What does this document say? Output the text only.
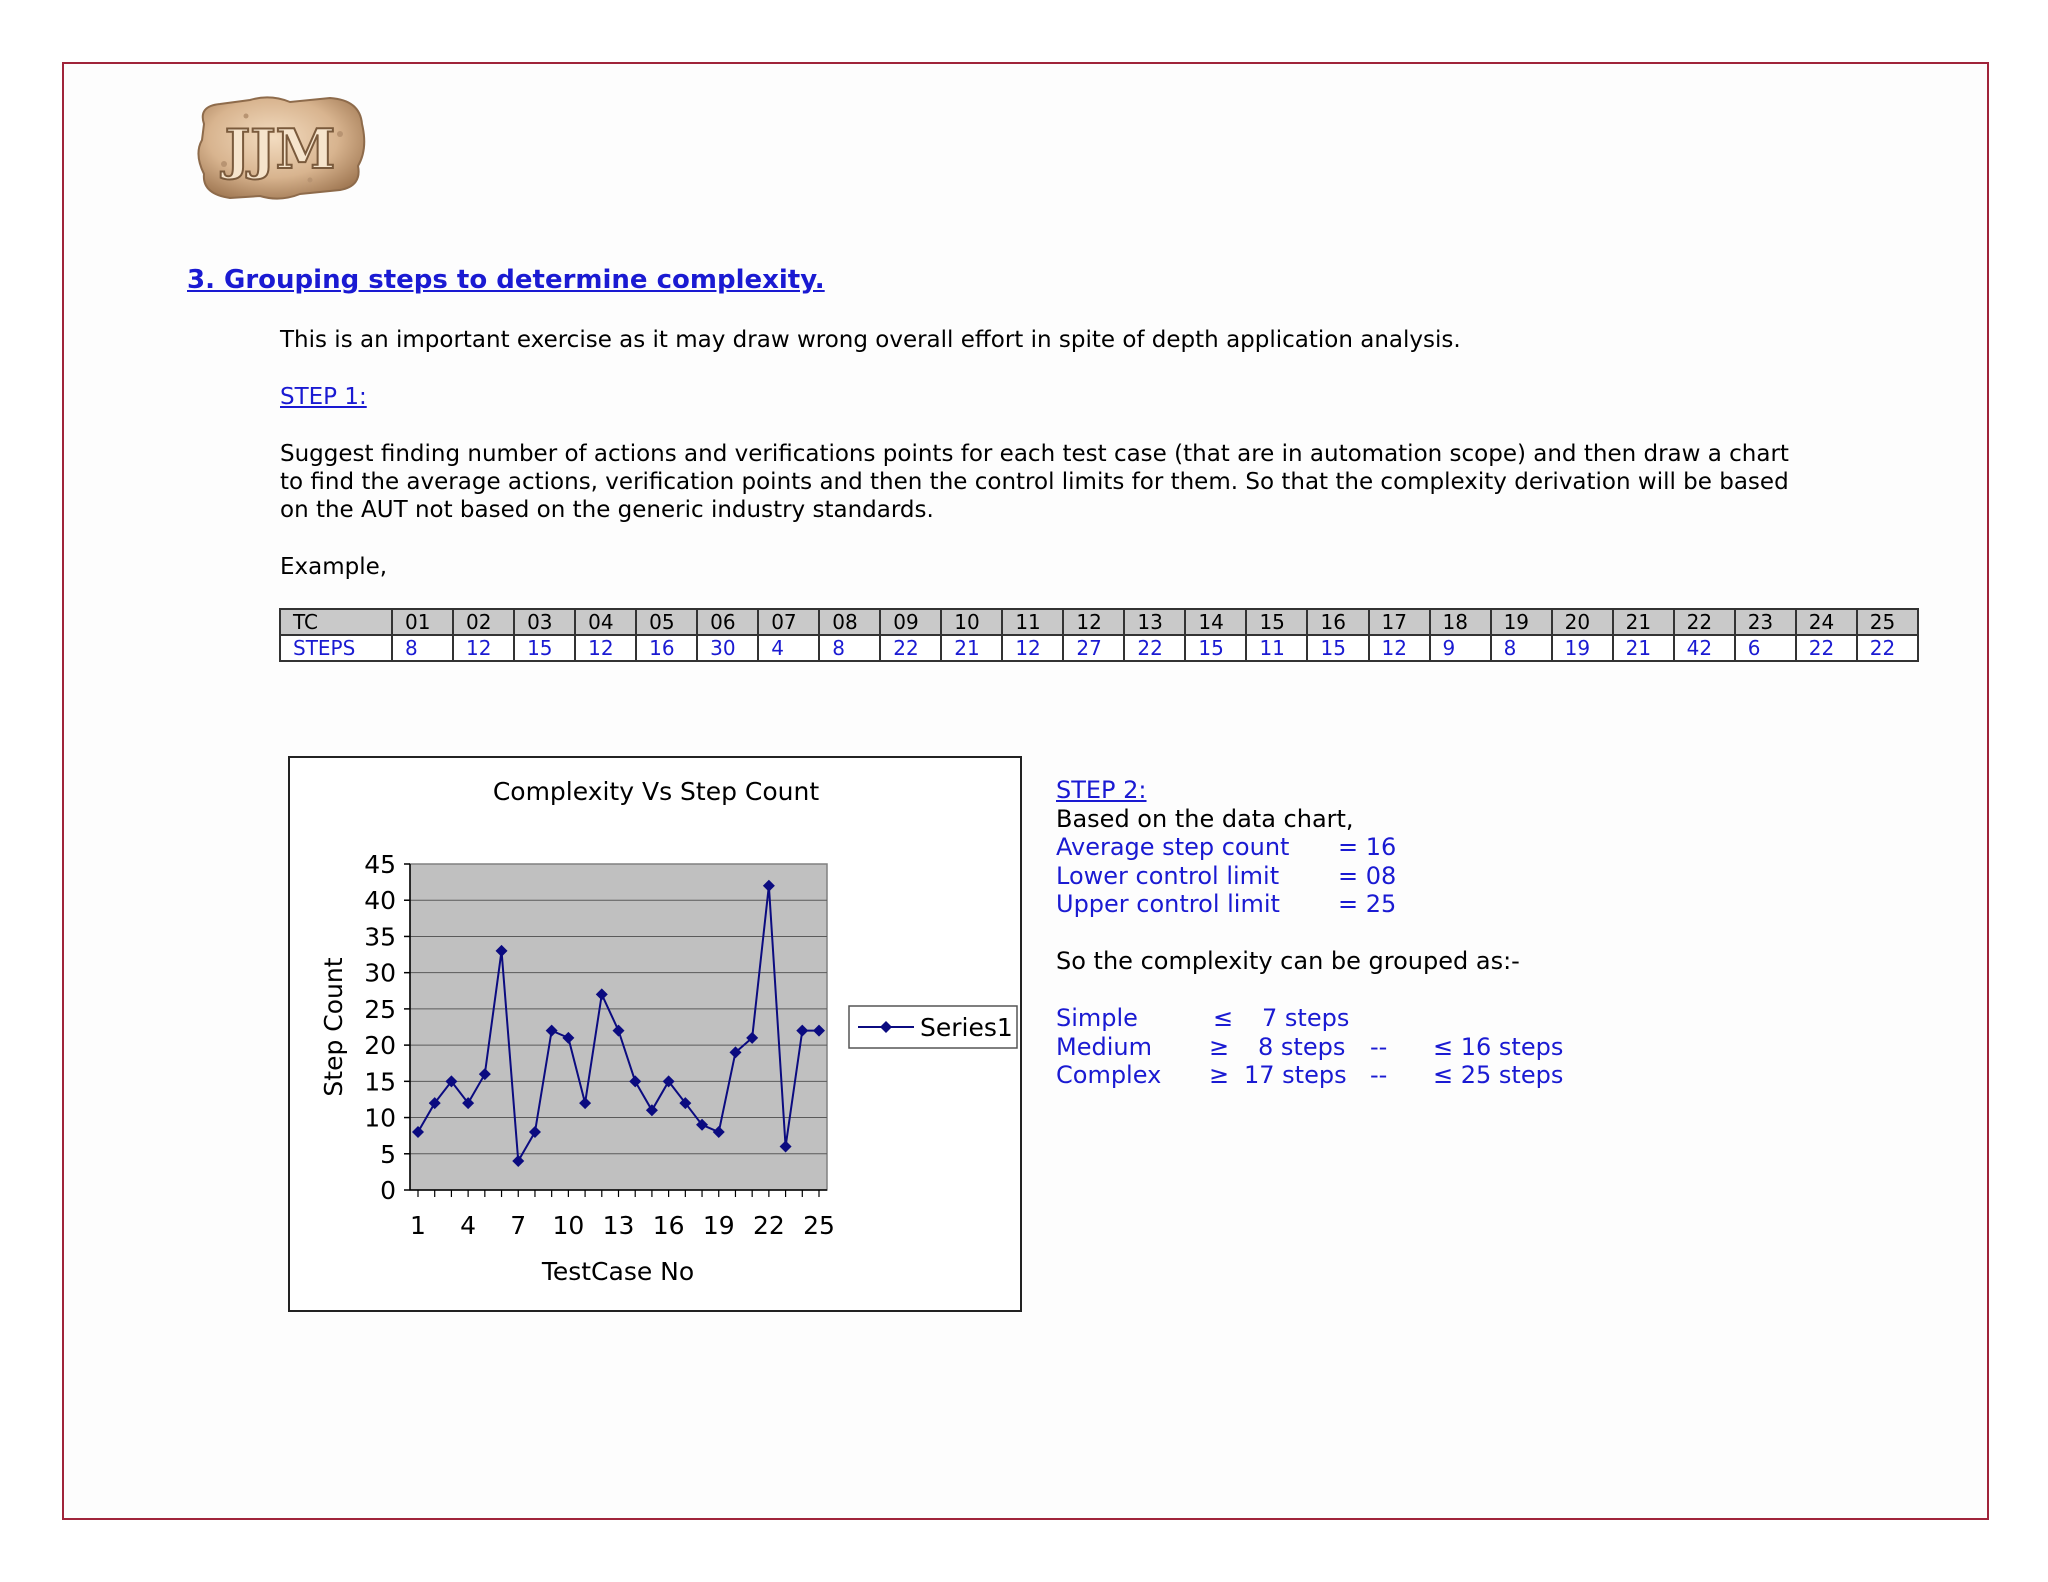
JJM
3. Grouping steps to determine complexity.

This is an important exercise as it may draw wrong overall effort in spite of depth application analysis.

STEP 1:

Suggest finding number of actions and verifications points for each test case (that are in automation scope) and then draw a chart
to find the average actions, verification points and then the control limits for them. So that the complexity derivation will be based
on the AUT not based on the generic industry standards.

Example,

TC	01	02	03	04	05	06	07	08	09	10	11	12	13	14	15	16	17	18	19	20	21	22	23	24	25
STEPS	8	12	15	12	16	30	4	8	22	21	12	27	22	15	11	15	12	9	8	19	21	42	6	22	22
Complexity Vs Step Count
0
5
10
15
20
25
30
35
40
45
1 4 7 10 13 16 19 22 25
TestCase No
Step Count	Series1
STEP 2:
Based on the data chart,
Average step count = 16
Lower control limit = 08
Upper control limit = 25
So the complexity can be grouped as:-
Simple	≤ 7 steps
Medium ≥ 8 steps -- ≤ 16 steps
Complex ≥ 17 steps -- ≤ 25 steps
